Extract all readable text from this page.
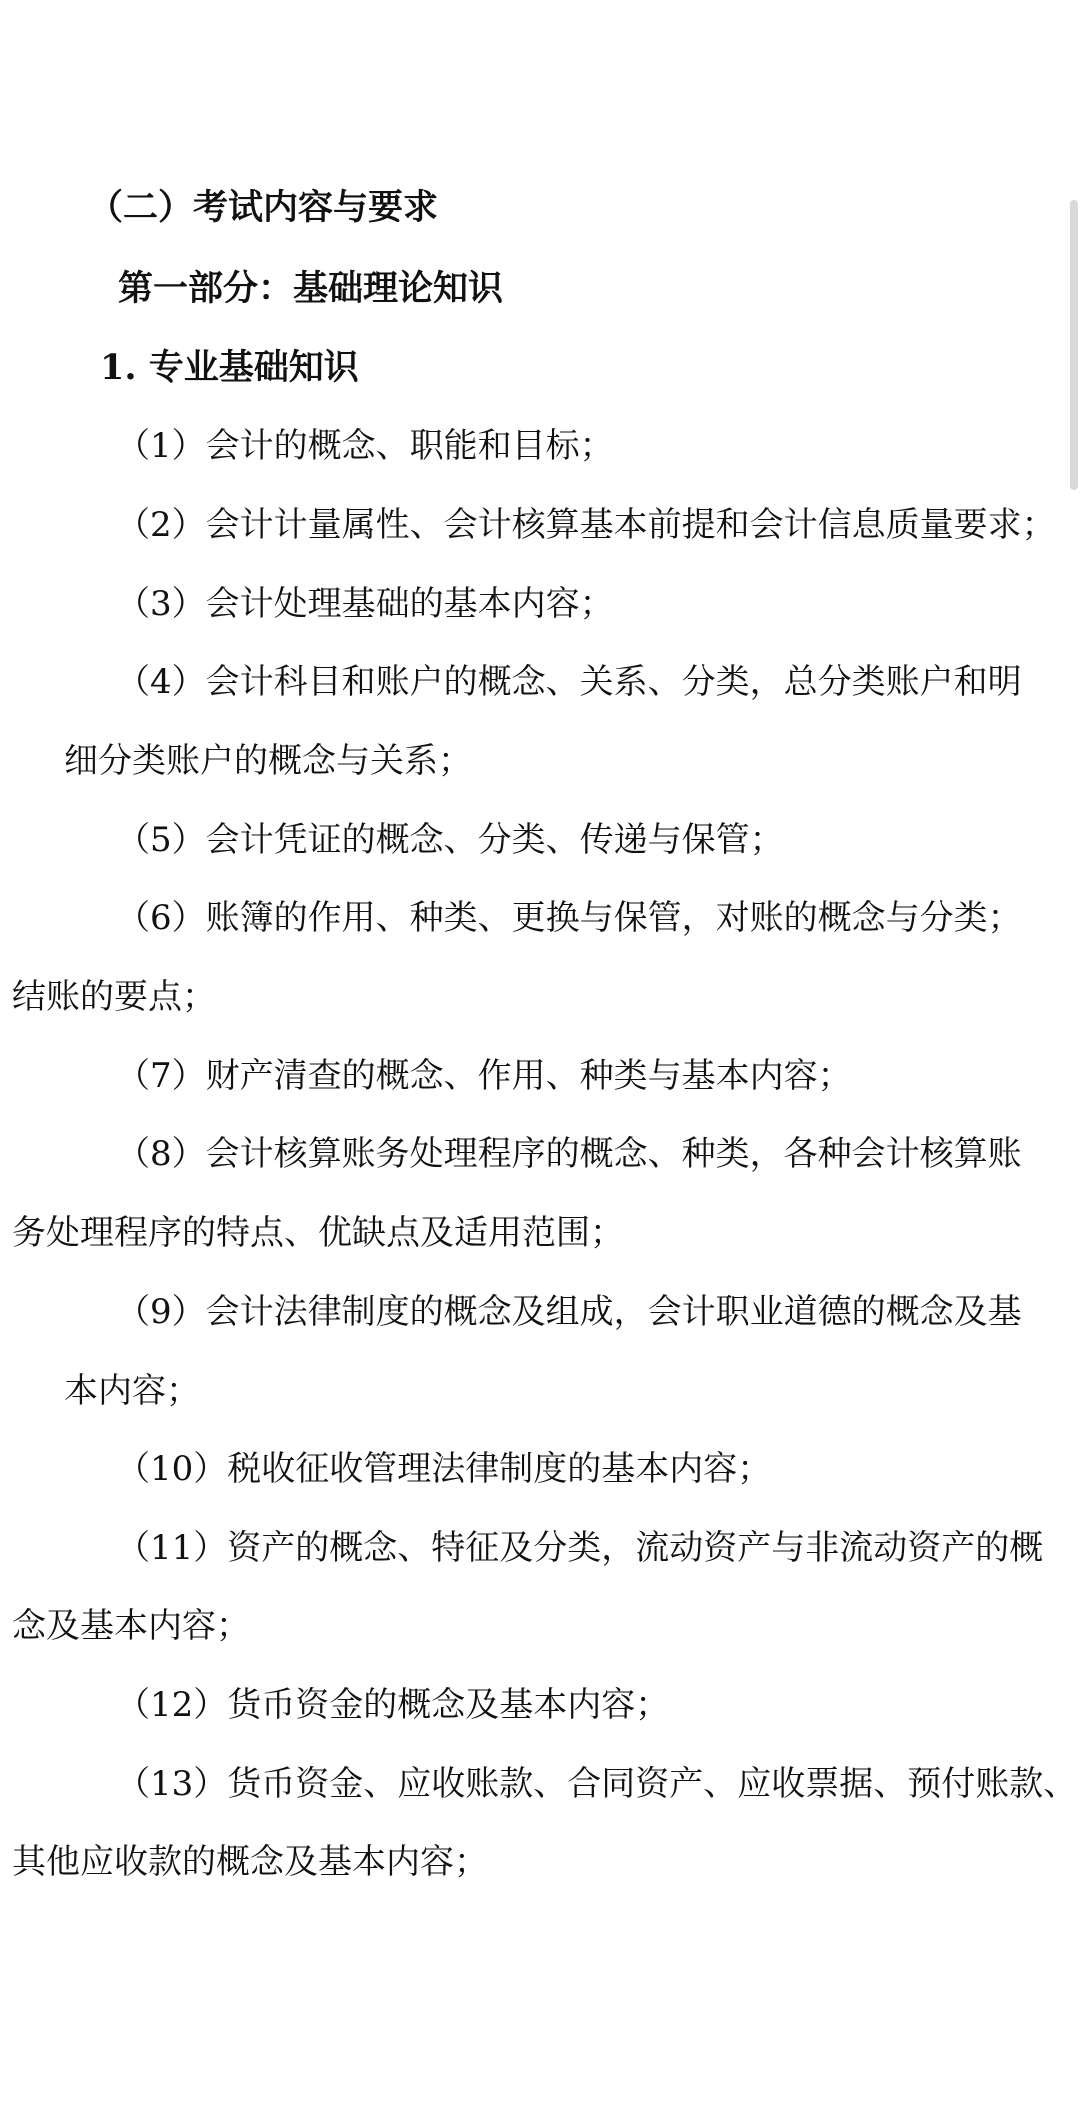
（二）考试内容与要求
第一部分：基础理论知识
1. 专业基础知识
（1）会计的概念、职能和目标；
（2）会计计量属性、会计核算基本前提和会计信息质量要求；
（3）会计处理基础的基本内容；
（4）会计科目和账户的概念、关系、分类，总分类账户和明
细分类账户的概念与关系；
（5）会计凭证的概念、分类、传递与保管；
（6）账簿的作用、种类、更换与保管，对账的概念与分类；
结账的要点；
（7）财产清查的概念、作用、种类与基本内容；
（8）会计核算账务处理程序的概念、种类，各种会计核算账
务处理程序的特点、优缺点及适用范围；
（9）会计法律制度的概念及组成，会计职业道德的概念及基
本内容；
（10）税收征收管理法律制度的基本内容；
（11）资产的概念、特征及分类，流动资产与非流动资产的概
念及基本内容；
（12）货币资金的概念及基本内容；
（13）货币资金、应收账款、合同资产、应收票据、预付账款、
其他应收款的概念及基本内容；
